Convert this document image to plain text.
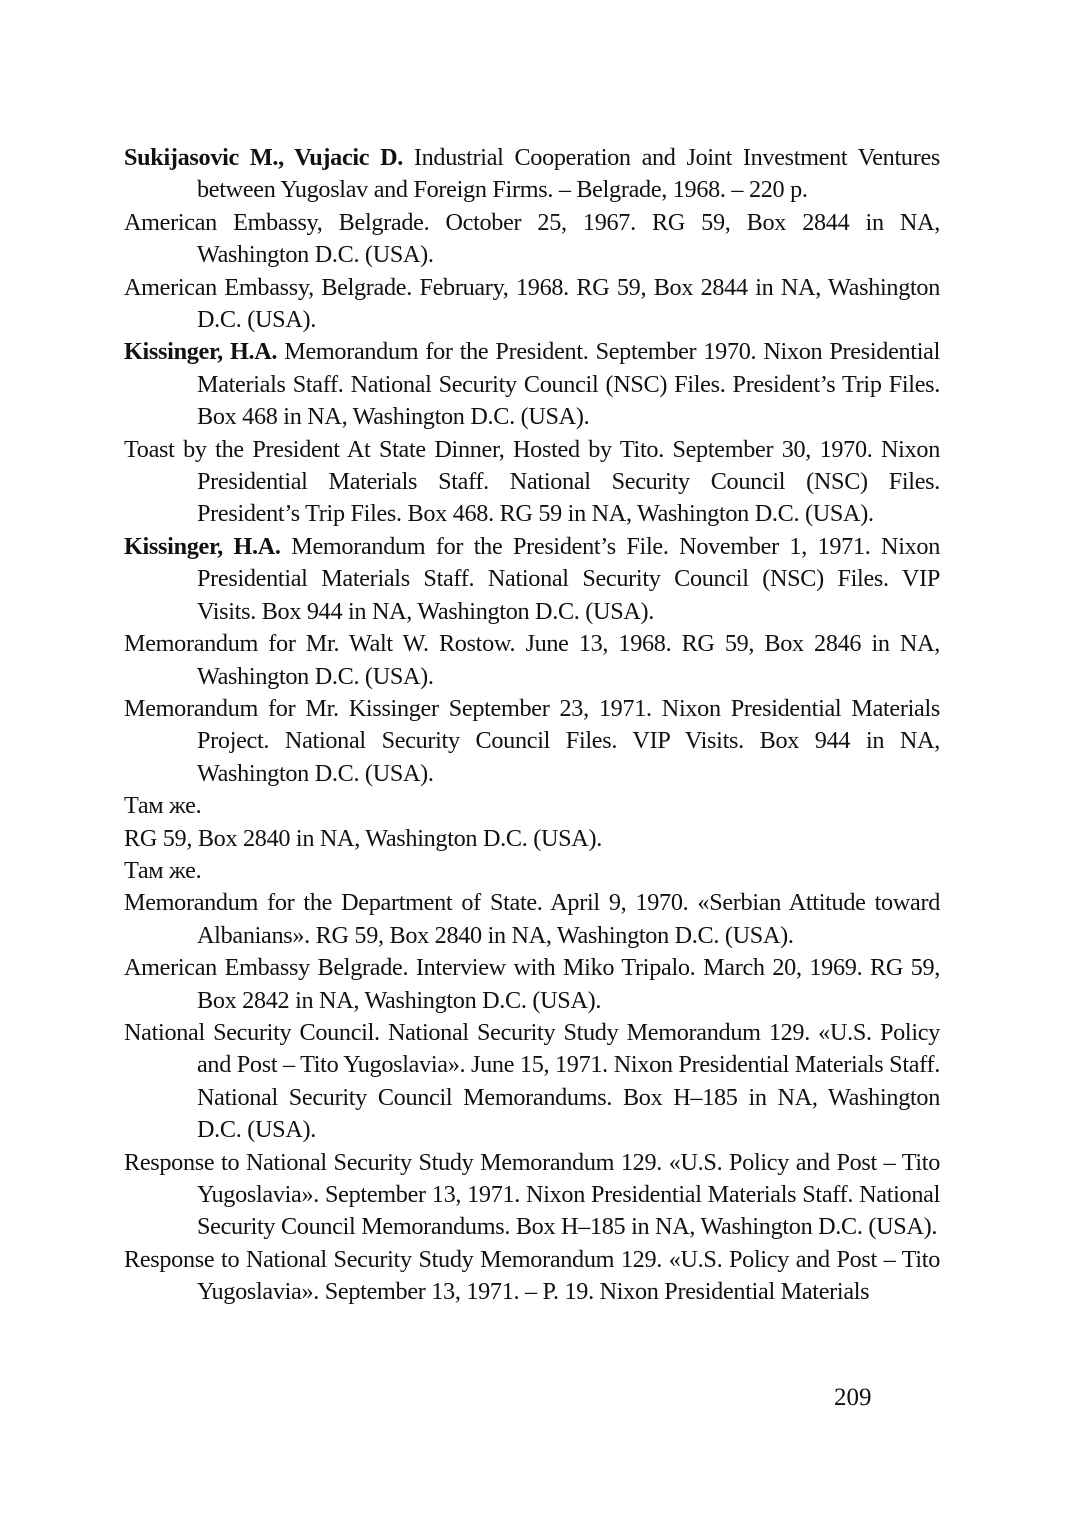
Sukijasovic M., Vujacic D. Industrial Cooperation and Joint Investment Ventures between Yugoslav and Foreign Firms. – Belgrade, 1968. – 220 p.
American Embassy, Belgrade. October 25, 1967. RG 59, Box 2844 in NA, Washington D.C. (USA).
American Embassy, Belgrade. February, 1968. RG 59, Box 2844 in NA, Washington D.C. (USA).
Kissinger, H.A. Memorandum for the President. September 1970. Nixon Presidential Materials Staff. National Security Council (NSC) Files. President’s Trip Files. Box 468 in NA, Washington D.C. (USA).
Toast by the President At State Dinner, Hosted by Tito. September 30, 1970. Nixon Presidential Materials Staff. National Security Council (NSC) Files. President’s Trip Files. Box 468. RG 59 in NA, Washington D.C. (USA).
Kissinger, H.A. Memorandum for the President’s File. November 1, 1971. Nixon Presidential Materials Staff. National Security Council (NSC) Files. VIP Visits. Box 944 in NA, Washington D.C. (USA).
Memorandum for Mr. Walt W. Rostow. June 13, 1968. RG 59, Box 2846 in NA, Washington D.C. (USA).
Memorandum for Mr. Kissinger September 23, 1971. Nixon Presidential Materials Project. National Security Council Files. VIP Visits. Box 944 in NA, Washington D.C. (USA).
Там же.
RG 59, Box 2840 in NA, Washington D.C. (USA).
Там же.
Memorandum for the Department of State. April 9, 1970. «Serbian Attitude toward Albanians». RG 59, Box 2840 in NA, Washington D.C. (USA).
American Embassy Belgrade. Interview with Miko Tripalo. March 20, 1969. RG 59, Box 2842 in NA, Washington D.C. (USA).
National Security Council. National Security Study Memorandum 129. «U.S. Policy and Post – Tito Yugoslavia». June 15, 1971. Nixon Presidential Materials Staff. National Security Council Memorandums. Box H–185 in NA, Washington D.C. (USA).
Response to National Security Study Memorandum 129. «U.S. Policy and Post – Tito Yugoslavia». September 13, 1971. Nixon Presidential Materials Staff. National Security Council Memorandums. Box H–185 in NA, Washington D.C. (USA).
Response to National Security Study Memorandum 129. «U.S. Policy and Post – Tito Yugoslavia». September 13, 1971. – P. 19. Nixon Presidential Materials
209
